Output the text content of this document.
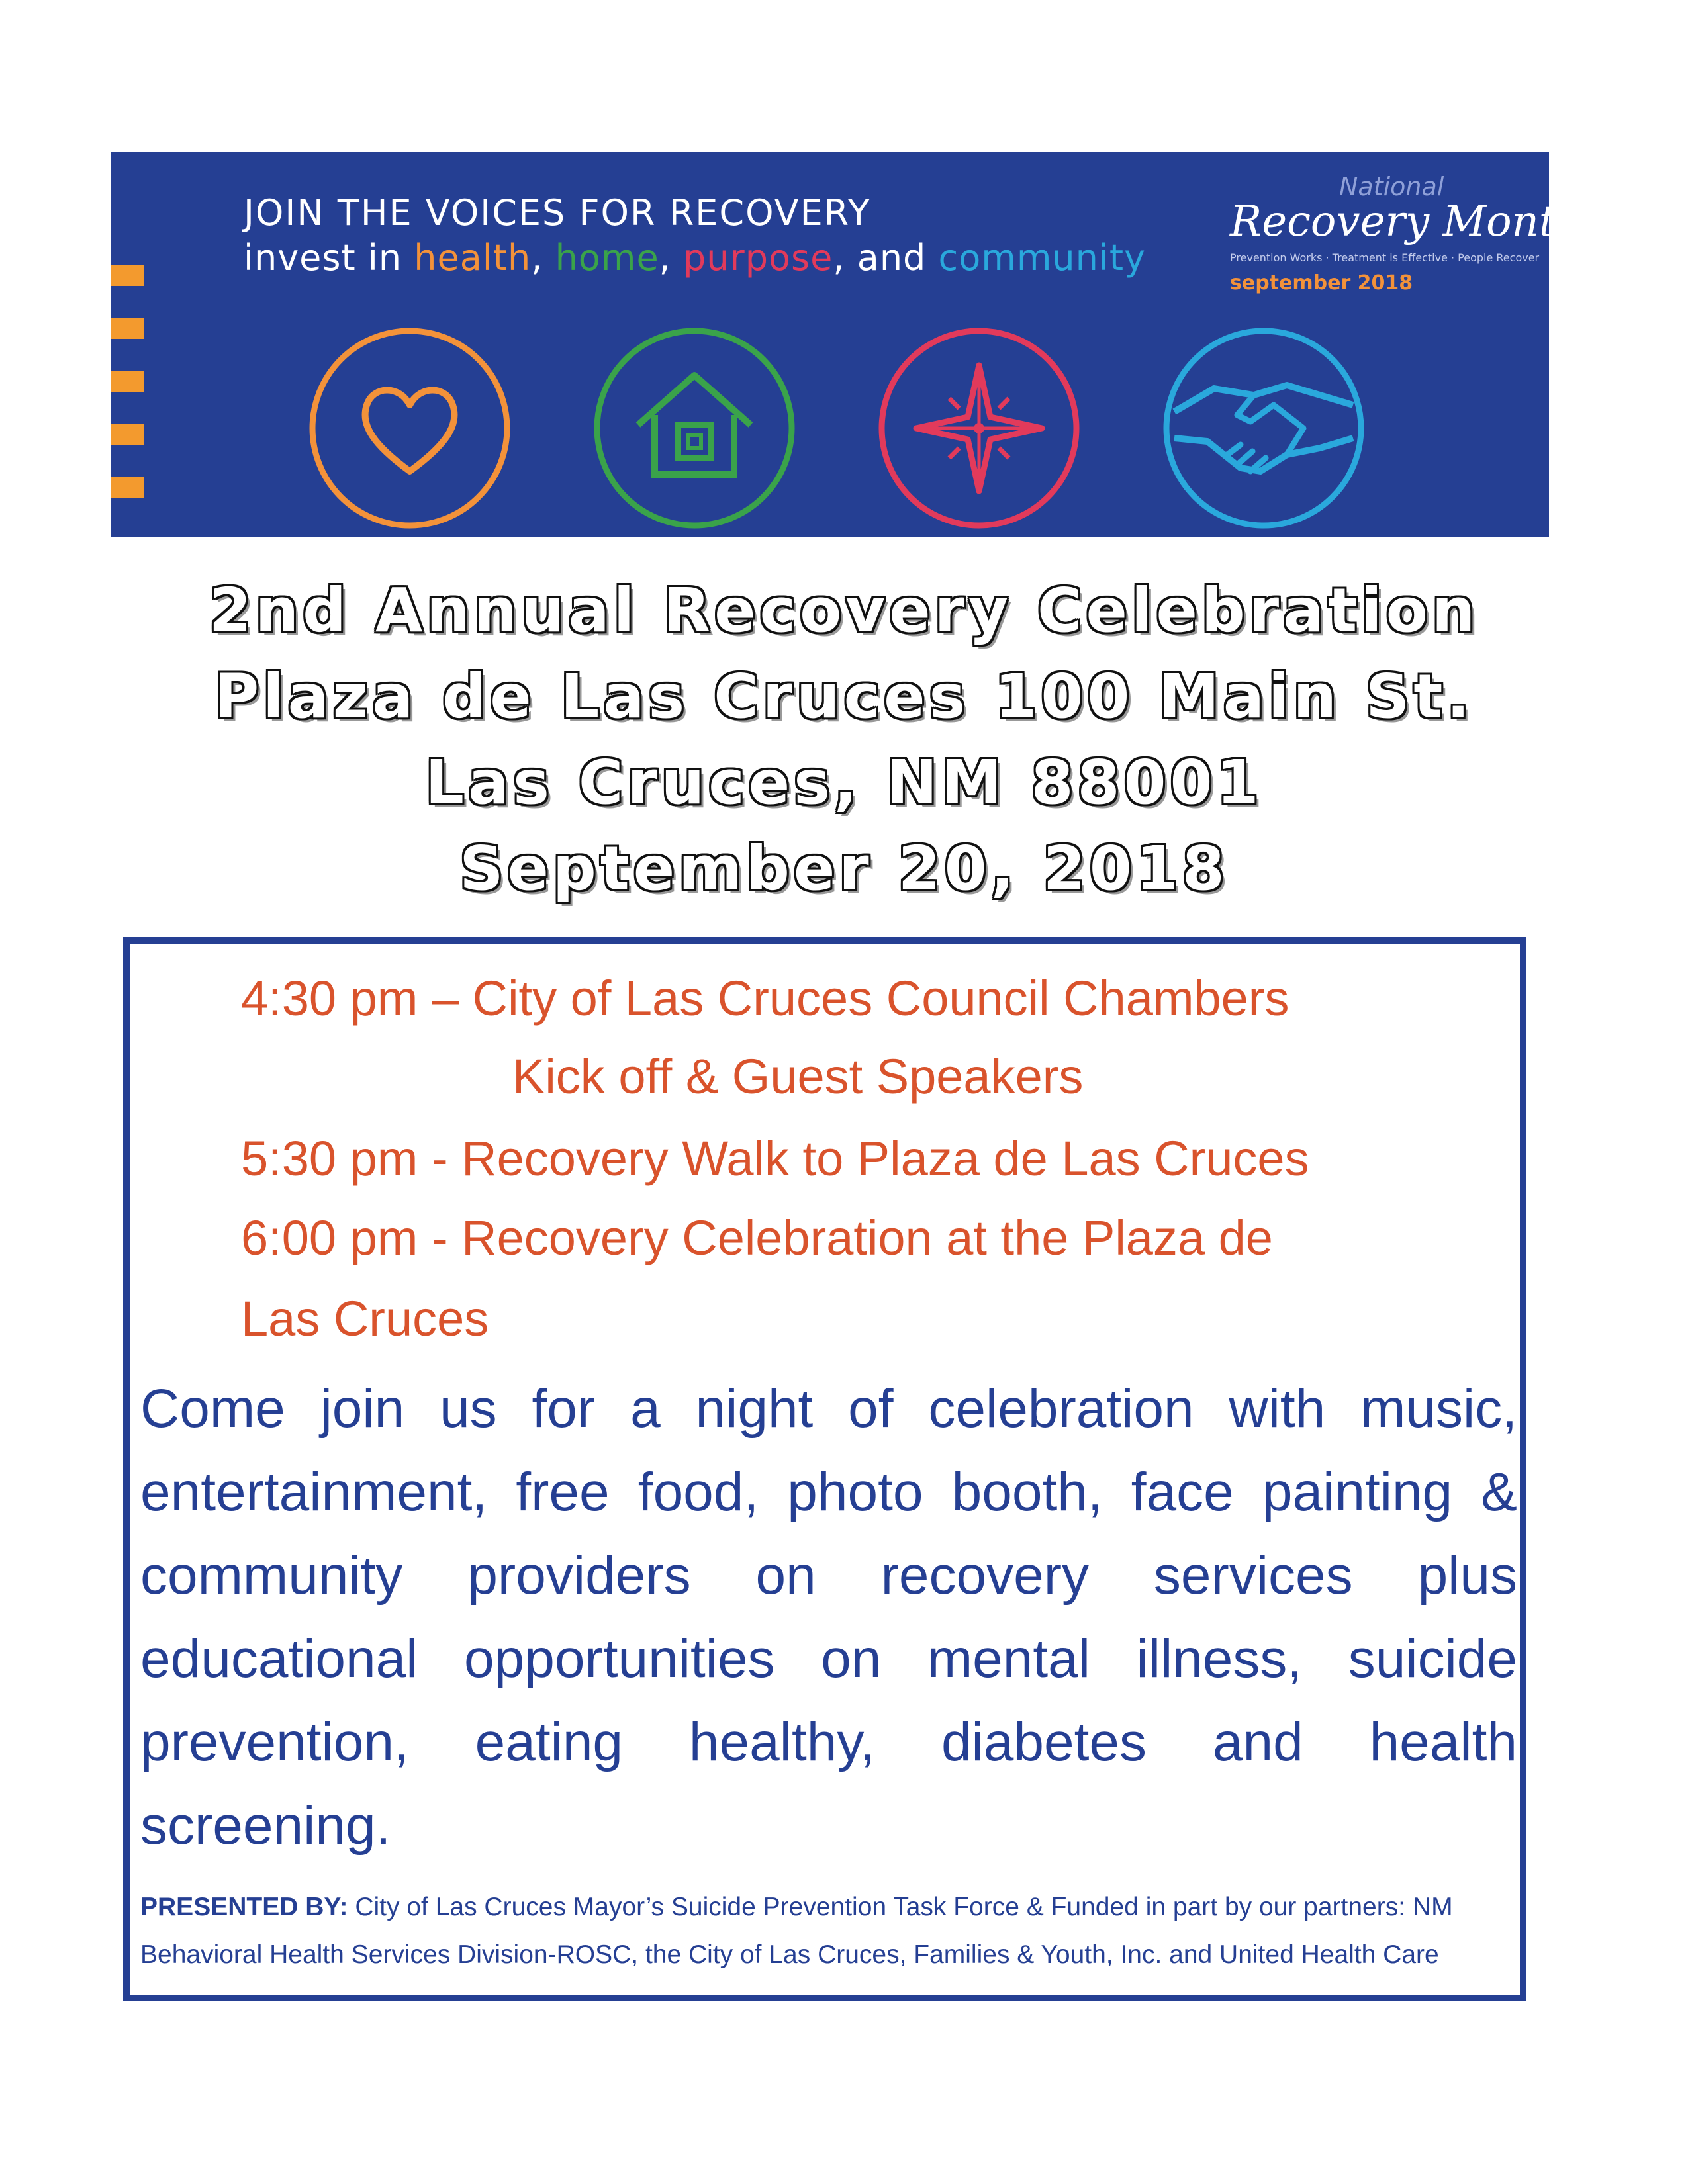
JOIN THE VOICES FOR RECOVERY
invest in health, home, purpose, and community
National
Recovery Month
Prevention Works · Treatment is Effective · People Recover
september 2018
2nd Annual Recovery Celebration
Plaza de Las Cruces 100 Main St.
Las Cruces, NM 88001
September 20, 2018
4:30 pm – City of Las Cruces Council Chambers
Kick off & Guest Speakers
5:30 pm - Recovery Walk to Plaza de Las Cruces
6:00 pm - Recovery Celebration at the Plaza de
Las Cruces
Come join us for a night of celebration with music, entertainment, free food, photo booth, face painting & community providers on recovery services plus educational opportunities on mental illness, suicide prevention, eating healthy, diabetes and health screening.
PRESENTED BY: City of Las Cruces Mayor’s Suicide Prevention Task Force & Funded in part by our partners: NM Behavioral Health Services Division-ROSC, the City of Las Cruces, Families & Youth, Inc. and United Health Care
